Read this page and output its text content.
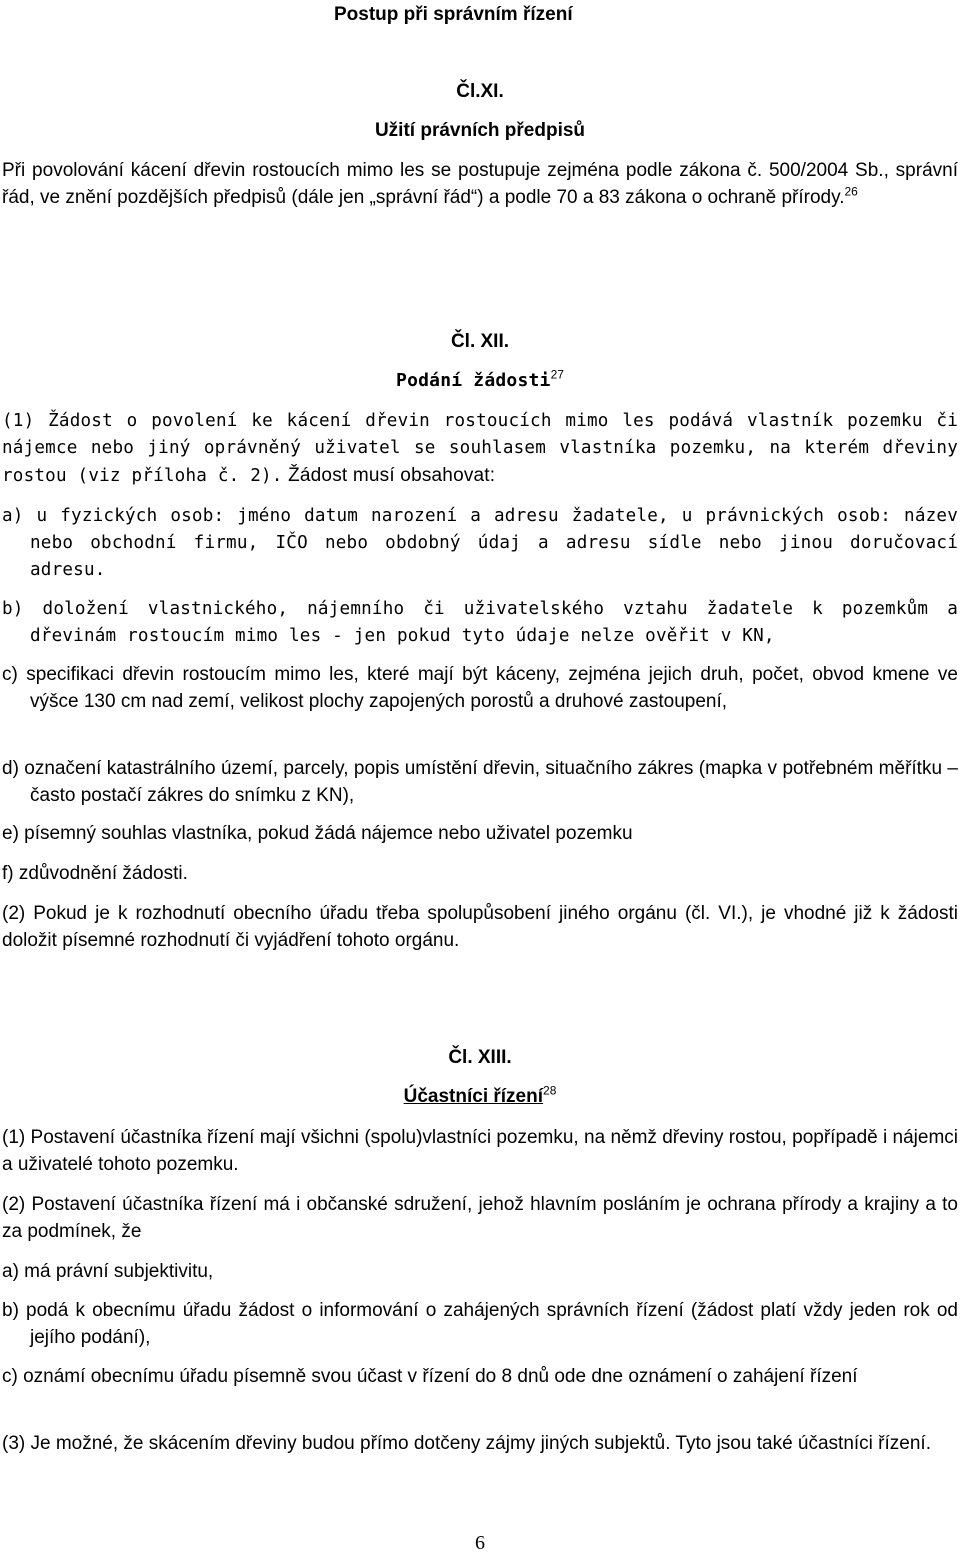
Postup při správním řízení
Čl.XI.
Užití právních předpisů

Při povolování kácení dřevin rostoucích mimo les se postupuje zejména podle zákona č. 500/2004 Sb., správní řád, ve znění pozdějších předpisů (dále jen „správní řád“) a podle 70 a 83 zákona o ochraně přírody.$^{26}$

Čl. XII.
Podání žádosti$^{27}$

(1) Žádost o povolení ke kácení dřevin rostoucích mimo les podává vlastník pozemku či nájemce nebo jiný oprávněný uživatel se souhlasem vlastníka pozemku, na kterém dřeviny rostou (viz příloha č. 2). Žádost musí obsahovat:

a) u fyzických osob: jméno datum narození a adresu žadatele, u právnických osob: název nebo obchodní firmu, IČO nebo obdobný údaj a adresu sídle nebo jinou doručovací adresu.

b) doložení vlastnického, nájemního či uživatelského vztahu žadatele k pozemkům a dřevinám rostoucím mimo les - jen pokud tyto údaje nelze ověřit v KN,

c) specifikaci dřevin rostoucím mimo les, které mají být káceny, zejména jejich druh, počet, obvod kmene ve výšce 130 cm nad zemí, velikost plochy zapojených porostů a druhové zastoupení,

d) označení katastrálního území, parcely, popis umístění dřevin, situačního zákres (mapka v potřebném měřítku – často postačí zákres do snímku z KN),

e) písemný souhlas vlastníka, pokud žádá nájemce nebo uživatel pozemku

f) zdůvodnění žádosti.

(2) Pokud je k rozhodnutí obecního úřadu třeba spolupůsobení jiného orgánu (čl. VI.), je vhodné již k žádosti doložit písemné rozhodnutí či vyjádření tohoto orgánu.

Čl. XIII.
Účastníci řízení$^{28}$

(1) Postavení účastníka řízení mají všichni (spolu)vlastníci pozemku, na němž dřeviny rostou, popřípadě i nájemci a uživatelé tohoto pozemku.

(2) Postavení účastníka řízení má i občanské sdružení, jehož hlavním posláním je ochrana přírody a krajiny a to za podmínek, že

a) má právní subjektivitu,

b) podá k obecnímu úřadu žádost o informování o zahájených správních řízení (žádost platí vždy jeden rok od jejího podání),

c) oznámí obecnímu úřadu písemně svou účast v řízení do 8 dnů ode dne oznámení o zahájení řízení

(3) Je možné, že skácením dřeviny budou přímo dotčeny zájmy jiných subjektů. Tyto jsou také účastníci řízení.

6
